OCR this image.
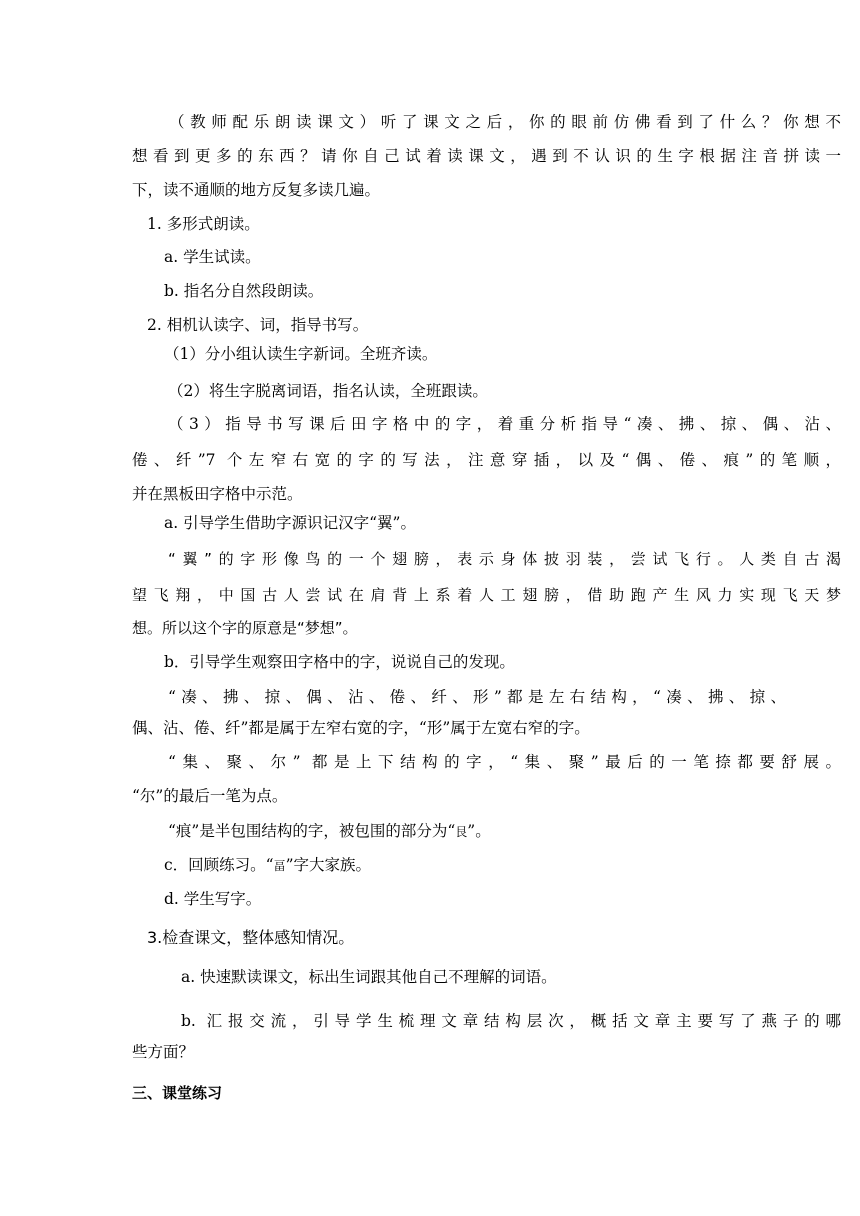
（教师配乐朗读课文）听了课文之后，你的眼前仿佛看到了什么？你想不
想看到更多的东西？请你自己试着读课文，遇到不认识的生字根据注音拼读一
下，读不通顺的地方反复多读几遍。
1. 多形式朗读。
a. 学生试读。
b. 指名分自然段朗读。
2. 相机认读字、词，指导书写。
（1）分小组认读生字新词。全班齐读。
（2）将生字脱离词语，指名认读，全班跟读。
（3）指导书写课后田字格中的字，着重分析指导“凑、拂、掠、偶、沾、
倦、纤”7 个左窄右宽的字的写法，注意穿插，以及“偶、倦、痕”的笔顺，
并在黑板田字格中示范。
a. 引导学生借助字源识记汉字“翼”。
“翼”的字形像鸟的一个翅膀，表示身体披羽装，尝试飞行。人类自古渴
望飞翔，中国古人尝试在肩背上系着人工翅膀，借助跑产生风力实现飞天梦
想。所以这个字的原意是“梦想”。
b．引导学生观察田字格中的字，说说自己的发现。
“凑、拂、掠、偶、沾、倦、纤、形”都是左右结构，“凑、拂、掠、
偶、沾、倦、纤”都是属于左窄右宽的字，“形”属于左宽右窄的字。
“集、聚、尔” 都是上下结构的字，“集、聚”最后的一笔捺都要舒展。
“尔”的最后一笔为点。
“痕”是半包围结构的字，被包围的部分为“艮”。
c．回顾练习。“畐”字大家族。
d. 学生写字。
3.检查课文，整体感知情况。
a. 快速默读课文，标出生词跟其他自己不理解的词语。
b. 汇报交流，引导学生梳理文章结构层次，概括文章主要写了燕子的哪
些方面？
三、课堂练习
